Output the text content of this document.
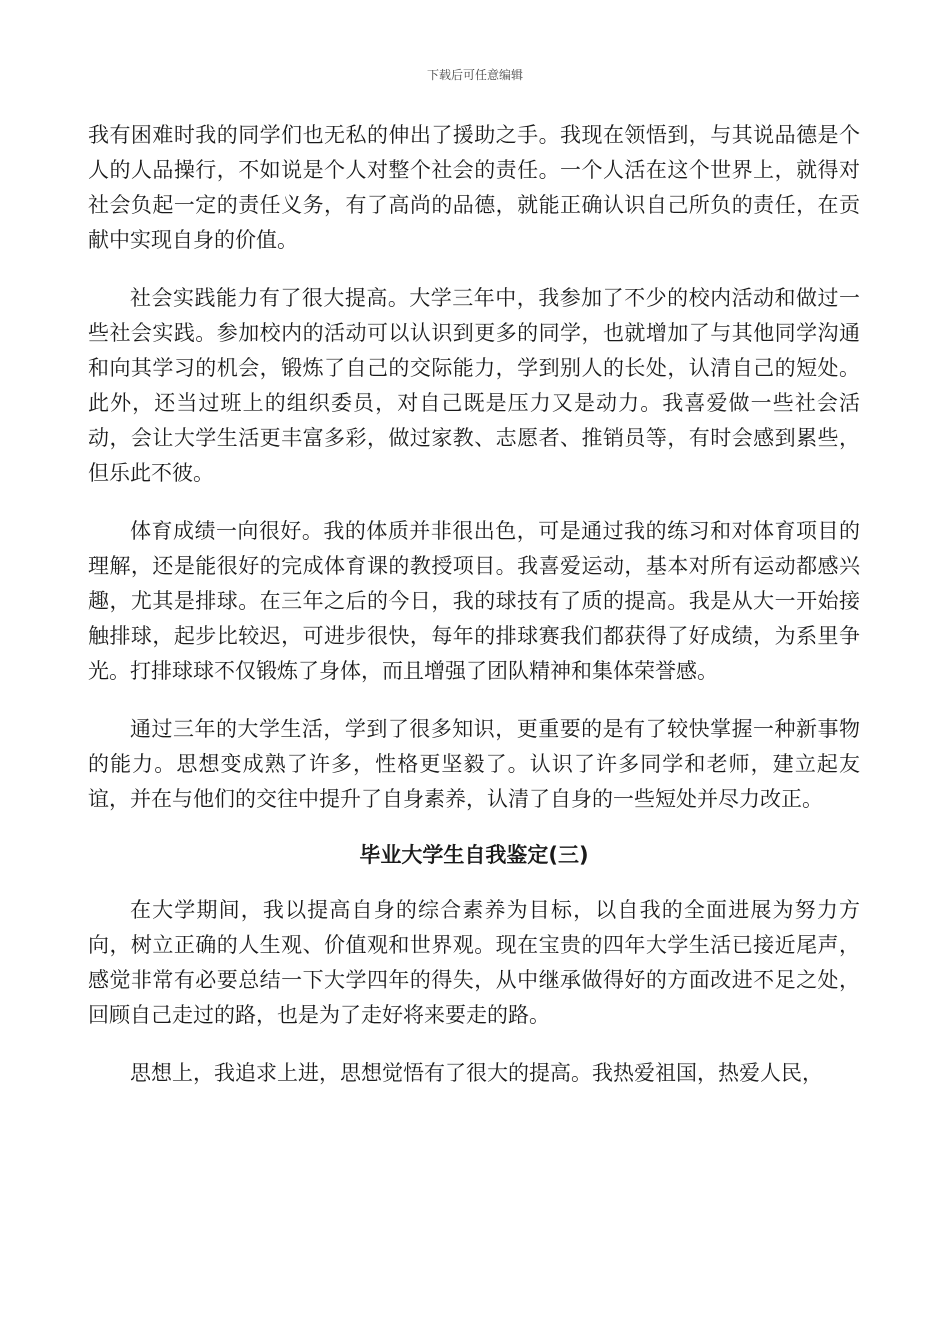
下载后可任意编辑

我有困难时我的同学们也无私的伸出了援助之手。我现在领悟到，与其说品德是个人的人品操行，不如说是个人对整个社会的责任。一个人活在这个世界上，就得对社会负起一定的责任义务，有了高尚的品德，就能正确认识自己所负的责任，在贡献中实现自身的价值。

社会实践能力有了很大提高。大学三年中，我参加了不少的校内活动和做过一些社会实践。参加校内的活动可以认识到更多的同学，也就增加了与其他同学沟通和向其学习的机会，锻炼了自己的交际能力，学到别人的长处，认清自己的短处。此外，还当过班上的组织委员，对自己既是压力又是动力。我喜爱做一些社会活动，会让大学生活更丰富多彩，做过家教、志愿者、推销员等，有时会感到累些，但乐此不彼。

体育成绩一向很好。我的体质并非很出色，可是通过我的练习和对体育项目的理解，还是能很好的完成体育课的教授项目。我喜爱运动，基本对所有运动都感兴趣，尤其是排球。在三年之后的今日，我的球技有了质的提高。我是从大一开始接触排球，起步比较迟，可进步很快，每年的排球赛我们都获得了好成绩，为系里争光。打排球球不仅锻炼了身体，而且增强了团队精神和集体荣誉感。

通过三年的大学生活，学到了很多知识，更重要的是有了较快掌握一种新事物的能力。思想变成熟了许多，性格更坚毅了。认识了许多同学和老师，建立起友谊，并在与他们的交往中提升了自身素养，认清了自身的一些短处并尽力改正。

毕业大学生自我鉴定(三)

在大学期间，我以提高自身的综合素养为目标，以自我的全面进展为努力方向，树立正确的人生观、价值观和世界观。现在宝贵的四年大学生活已接近尾声，感觉非常有必要总结一下大学四年的得失，从中继承做得好的方面改进不足之处，回顾自己走过的路，也是为了走好将来要走的路。

思想上，我追求上进，思想觉悟有了很大的提高。我热爱祖国，热爱人民，
